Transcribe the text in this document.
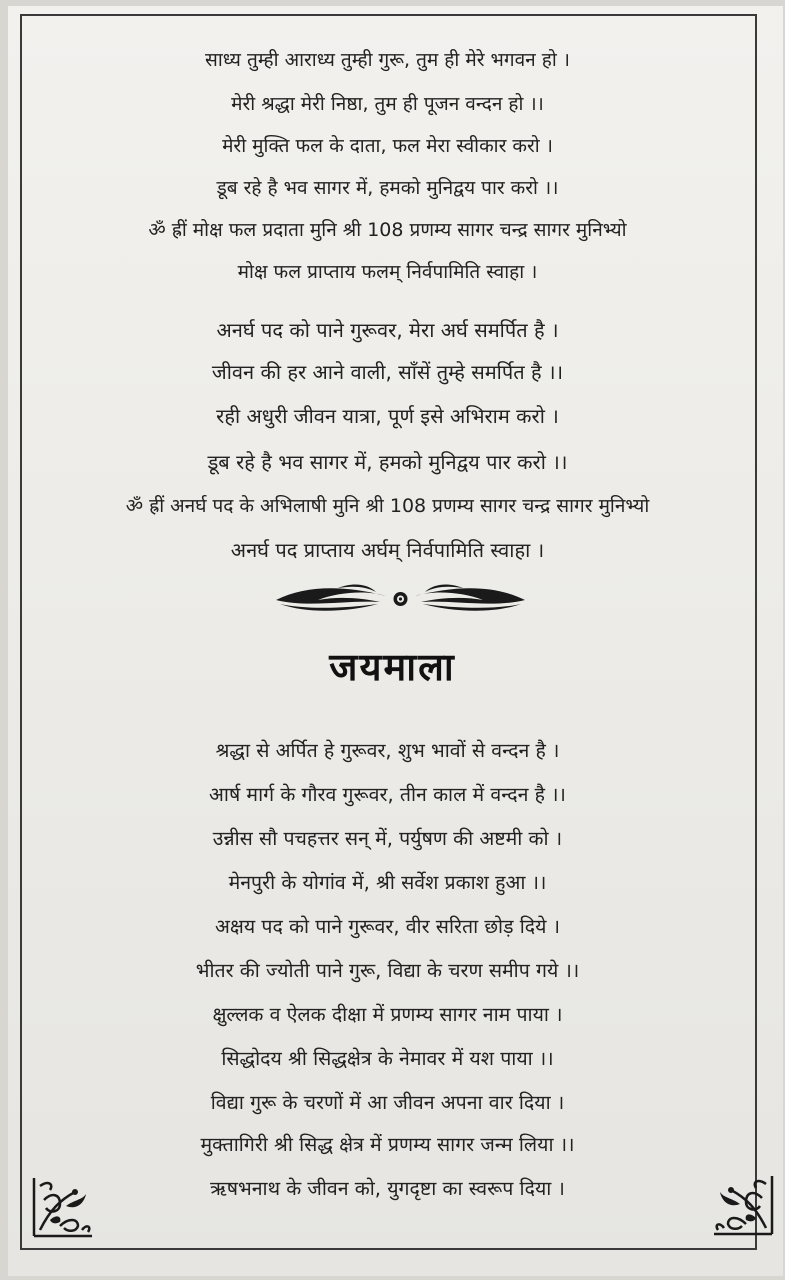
साध्य तुम्ही आराध्य तुम्ही गुरू, तुम ही मेरे भगवन हो ।
मेरी श्रद्धा मेरी निष्ठा, तुम ही पूजन वन्दन हो ।।
मेरी मुक्ति फल के दाता, फल मेरा स्वीकार करो ।
डूब रहे है भव सागर में, हमको मुनिद्वय पार करो ।।
ॐ ह्रीं मोक्ष फल प्रदाता मुनि श्री 108 प्रणम्य सागर चन्द्र सागर मुनिभ्यो
मोक्ष फल प्राप्ताय फलम् निर्वपामिति स्वाहा ।
अनर्घ पद को पाने गुरूवर, मेरा अर्घ समर्पित है ।
जीवन की हर आने वाली, साँसें तुम्हे समर्पित है ।।
रही अधुरी जीवन यात्रा, पूर्ण इसे अभिराम करो ।
डूब रहे है भव सागर में, हमको मुनिद्वय पार करो ।।
ॐ ह्रीं अनर्घ पद के अभिलाषी मुनि श्री 108 प्रणम्य सागर चन्द्र सागर मुनिभ्यो
अनर्घ पद प्राप्ताय अर्घम् निर्वपामिति स्वाहा ।
जयमाला
श्रद्धा से अर्पित हे गुरूवर, शुभ भावों से वन्दन है ।
आर्ष मार्ग के गौरव गुरूवर, तीन काल में वन्दन है ।।
उन्नीस सौ पचहत्तर सन् में, पर्युषण की अष्टमी को ।
मेनपुरी के योगांव में, श्री सर्वेश प्रकाश हुआ ।।
अक्षय पद को पाने गुरूवर, वीर सरिता छोड़ दिये ।
भीतर की ज्योती पाने गुरू, विद्या के चरण समीप गये ।।
क्षुल्लक व ऐलक दीक्षा में प्रणम्य सागर नाम पाया ।
सिद्धोदय श्री सिद्धक्षेत्र के नेमावर में यश पाया ।।
विद्या गुरू के चरणों में आ जीवन अपना वार दिया ।
मुक्तागिरी श्री सिद्ध क्षेत्र में प्रणम्य सागर जन्म लिया ।।
ऋषभनाथ के जीवन को, युगदृष्टा का स्वरूप दिया ।
